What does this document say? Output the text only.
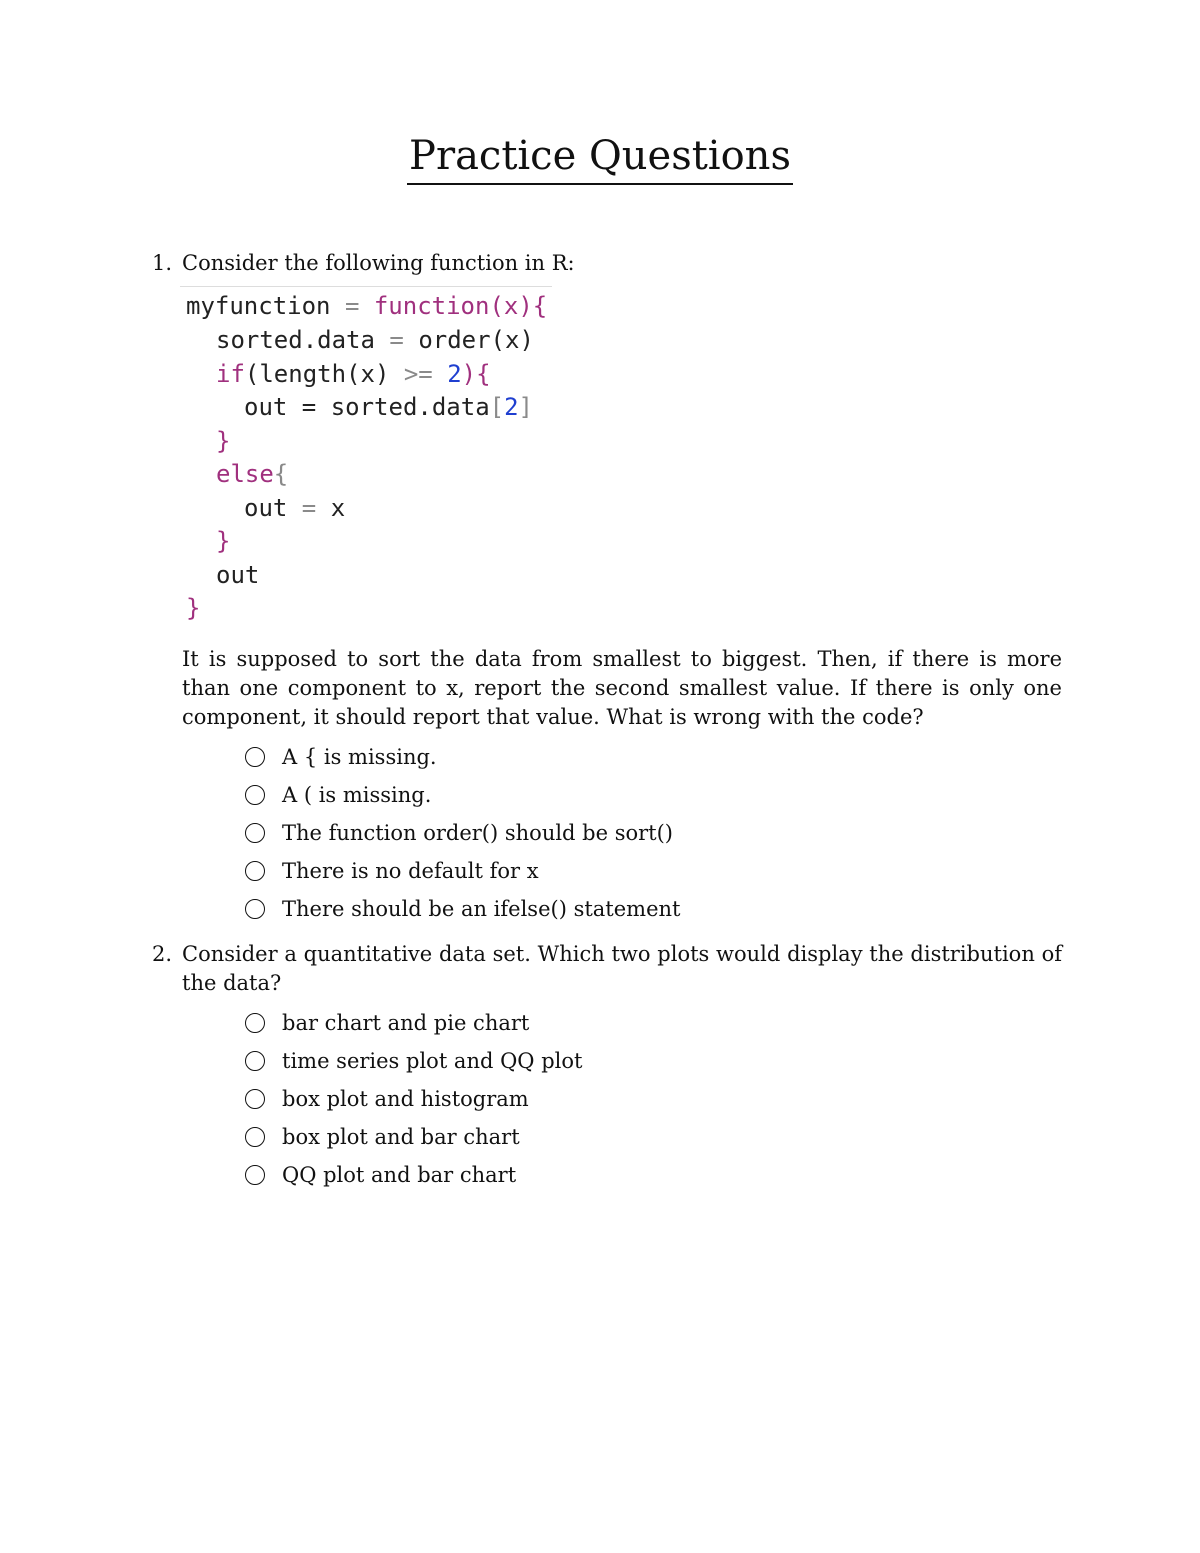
Practice Questions
1. Consider the following function in R:
myfunction = function(x){
sorted.data = order(x)
if(length(x) >= 2){
out = sorted.data[2]
}
else{
out = x
}
out
}
It is supposed to sort the data from smallest to biggest. Then, if there is more than one component to x, report the second smallest value. If there is only one component, it should report that value. What is wrong with the code?
A { is missing.
A ( is missing.
The function order() should be sort()
There is no default for x
There should be an ifelse() statement
2. Consider a quantitative data set. Which two plots would display the distribution of the data?
bar chart and pie chart
time series plot and QQ plot
box plot and histogram
box plot and bar chart
QQ plot and bar chart
